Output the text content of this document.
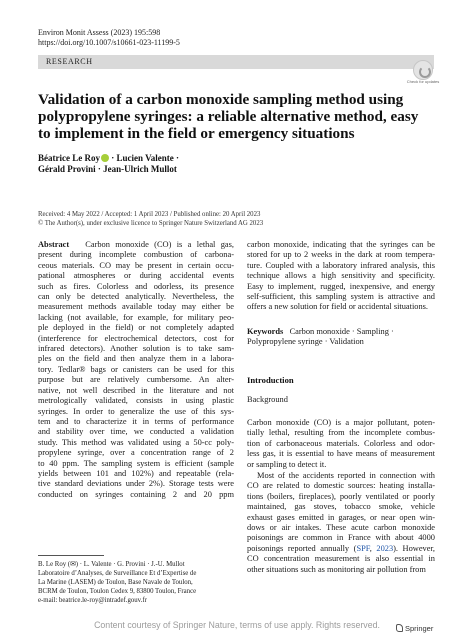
Environ Monit Assess (2023) 195:598
https://doi.org/10.1007/s10661-023-11199-5
RESEARCH
Check for updates
Validation of a carbon monoxide sampling method using
polypropylene syringes: a reliable alternative method, easy
to implement in the field or emergency situations
Béatrice Le Roy · Lucien Valente ·
Gérald Provini · Jean-Ulrich Mullot
Received: 4 May 2022 / Accepted: 1 April 2023 / Published online: 20 April 2023
© The Author(s), under exclusive licence to Springer Nature Switzerland AG 2023
Abstract   Carbon monoxide (CO) is a lethal gas,
present during incomplete combustion of carbona-
ceous materials. CO may be present in certain occu-
pational atmospheres or during accidental events
such as fires. Colorless and odorless, its presence
can only be detected analytically. Nevertheless, the
measurement methods available today may either be
lacking (not available, for example, for military peo-
ple deployed in the field) or not completely adapted
(interference for electrochemical detectors, cost for
infrared detectors). Another solution is to take sam-
ples on the field and then analyze them in a labora-
tory. Tedlar® bags or canisters can be used for this
purpose but are relatively cumbersome. An alter-
native, not well described in the literature and not
metrologically validated, consists in using plastic
syringes. In order to generalize the use of this sys-
tem and to characterize it in terms of performance
and stability over time, we conducted a validation
study. This method was validated using a 50-cc poly-
propylene syringe, over a concentration range of 2
to 40 ppm. The sampling system is efficient (sample
yields between 101 and 102%) and repeatable (rela-
tive standard deviations under 2%). Storage tests were
conducted on syringes containing 2 and 20 ppm
carbon monoxide, indicating that the syringes can be
stored for up to 2 weeks in the dark at room tempera-
ture. Coupled with a laboratory infrared analysis, this
technique allows a high sensitivity and specificity.
Easy to implement, rugged, inexpensive, and energy
self-sufficient, this sampling system is attractive and
offers a new solution for field or accidental situations.
Keywords Carbon monoxide · Sampling ·
Polypropylene syringe · Validation
Introduction
Background
Carbon monoxide (CO) is a major pollutant, poten-
tially lethal, resulting from the incomplete combus-
tion of carbonaceous materials. Colorless and odor-
less gas, it is essential to have means of measurement
or sampling to detect it.
Most of the accidents reported in connection with
CO are related to domestic sources: heating installa-
tions (boilers, fireplaces), poorly ventilated or poorly
maintained, gas stoves, tobacco smoke, vehicle
exhaust gases emitted in garages, or near open win-
dows or air intakes. These acute carbon monoxide
poisonings are common in France with about 4000
poisonings reported annually (SPF, 2023). However,
CO concentration measurement is also essential in
other situations such as monitoring air pollution from
B. Le Roy (✉) · L. Valente · G. Provini · J.-U. Mullot
Laboratoire d’Analyses, de Surveillance Et d’Expertise de
La Marine (LASEM) de Toulon, Base Navale de Toulon,
BCRM de Toulon, Toulon Cedex 9, 83800 Toulon, France
e-mail: beatrice.le-roy@intradef.gouv.fr
Springer
Content courtesy of Springer Nature, terms of use apply. Rights reserved.
